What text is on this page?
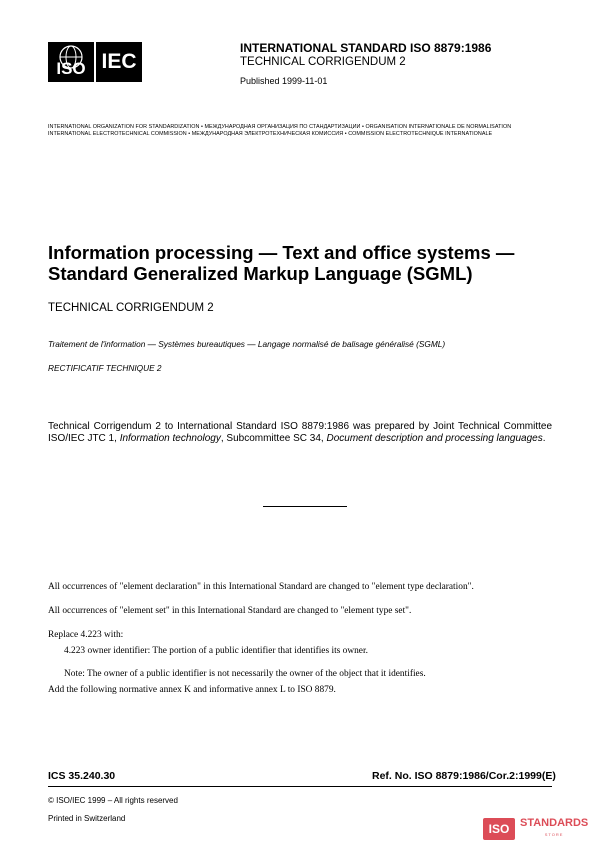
ISO IEC
INTERNATIONAL STANDARD ISO 8879:1986
TECHNICAL CORRIGENDUM 2
Published 1999-11-01
INTERNATIONAL ORGANIZATION FOR STANDARDIZATION • МЕЖДУНАРОДНАЯ ОРГАНИЗАЦИЯ ПО СТАНДАРТИЗАЦИИ • ORGANISATION INTERNATIONALE DE NORMALISATION
INTERNATIONAL ELECTROTECHNICAL COMMISSION • МЕЖДУНАРОДНАЯ ЭЛЕКТРОТЕХНИЧЕСКАЯ КОМИССИЯ • COMMISSION ELECTROTECHNIQUE INTERNATIONALE
Information processing — Text and office systems —
Standard Generalized Markup Language (SGML)
TECHNICAL CORRIGENDUM 2
Traitement de l'information — Systèmes bureautiques — Langage normalisé de balisage généralisé (SGML)
RECTIFICATIF TECHNIQUE 2
Technical Corrigendum 2 to International Standard ISO 8879:1986 was prepared by Joint Technical Committee ISO/IEC JTC 1, Information technology, Subcommittee SC 34, Document description and processing languages.
All occurrences of "element declaration" in this International Standard are changed to "element type declaration".
All occurrences of "element set" in this International Standard are changed to "element type set".
Replace 4.223 with:
4.223 owner identifier: The portion of a public identifier that identifies its owner.
Note: The owner of a public identifier is not necessarily the owner of the object that it identifies.
Add the following normative annex K and informative annex L to ISO 8879.
ICS 35.240.30	Ref. No. ISO 8879:1986/Cor.2:1999(E)
© ISO/IEC 1999 – All rights reserved
Printed in Switzerland
ISO STANDARDS
STORE
